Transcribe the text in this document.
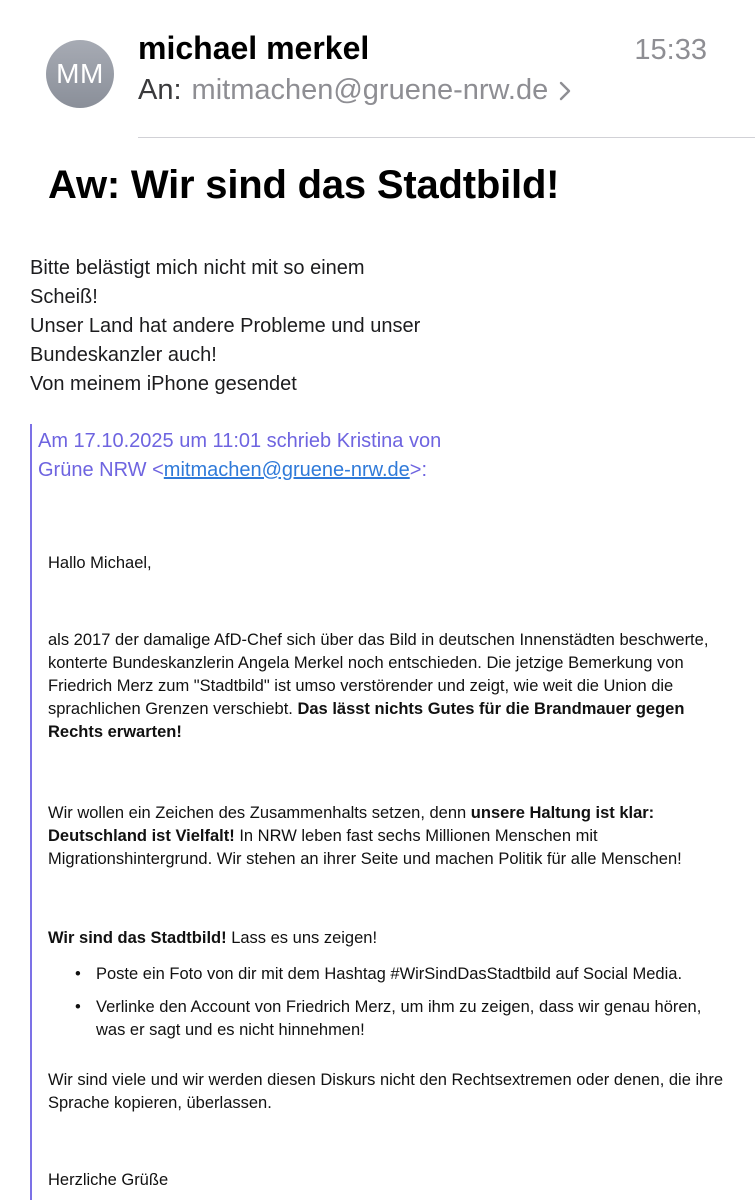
MM
michael merkel	15:33
An: mitmachen@gruene-nrw.de
Aw: Wir sind das Stadtbild!
Bitte belästigt mich nicht mit so einem
Scheiß!
Unser Land hat andere Probleme und unser
Bundeskanzler auch!
Von meinem iPhone gesendet
Am 17.10.2025 um 11:01 schrieb Kristina von
Grüne NRW <mitmachen@gruene-nrw.de>:

Hallo Michael,

als 2017 der damalige AfD-Chef sich über das Bild in deutschen Innenstädten beschwerte, konterte Bundeskanzlerin Angela Merkel noch entschieden. Die jetzige Bemerkung von Friedrich Merz zum "Stadtbild" ist umso verstörender und zeigt, wie weit die Union die sprachlichen Grenzen verschiebt. Das lässt nichts Gutes für die Brandmauer gegen Rechts erwarten!

Wir wollen ein Zeichen des Zusammenhalts setzen, denn unsere Haltung ist klar: Deutschland ist Vielfalt! In NRW leben fast sechs Millionen Menschen mit Migrationshintergrund. Wir stehen an ihrer Seite und machen Politik für alle Menschen!

Wir sind das Stadtbild! Lass es uns zeigen!

• Poste ein Foto von dir mit dem Hashtag #WirSindDasStadtbild auf Social Media.
• Verlinke den Account von Friedrich Merz, um ihm zu zeigen, dass wir genau hören, was er sagt und es nicht hinnehmen!

Wir sind viele und wir werden diesen Diskurs nicht den Rechtsextremen oder denen, die ihre Sprache kopieren, überlassen.

Herzliche Grüße
